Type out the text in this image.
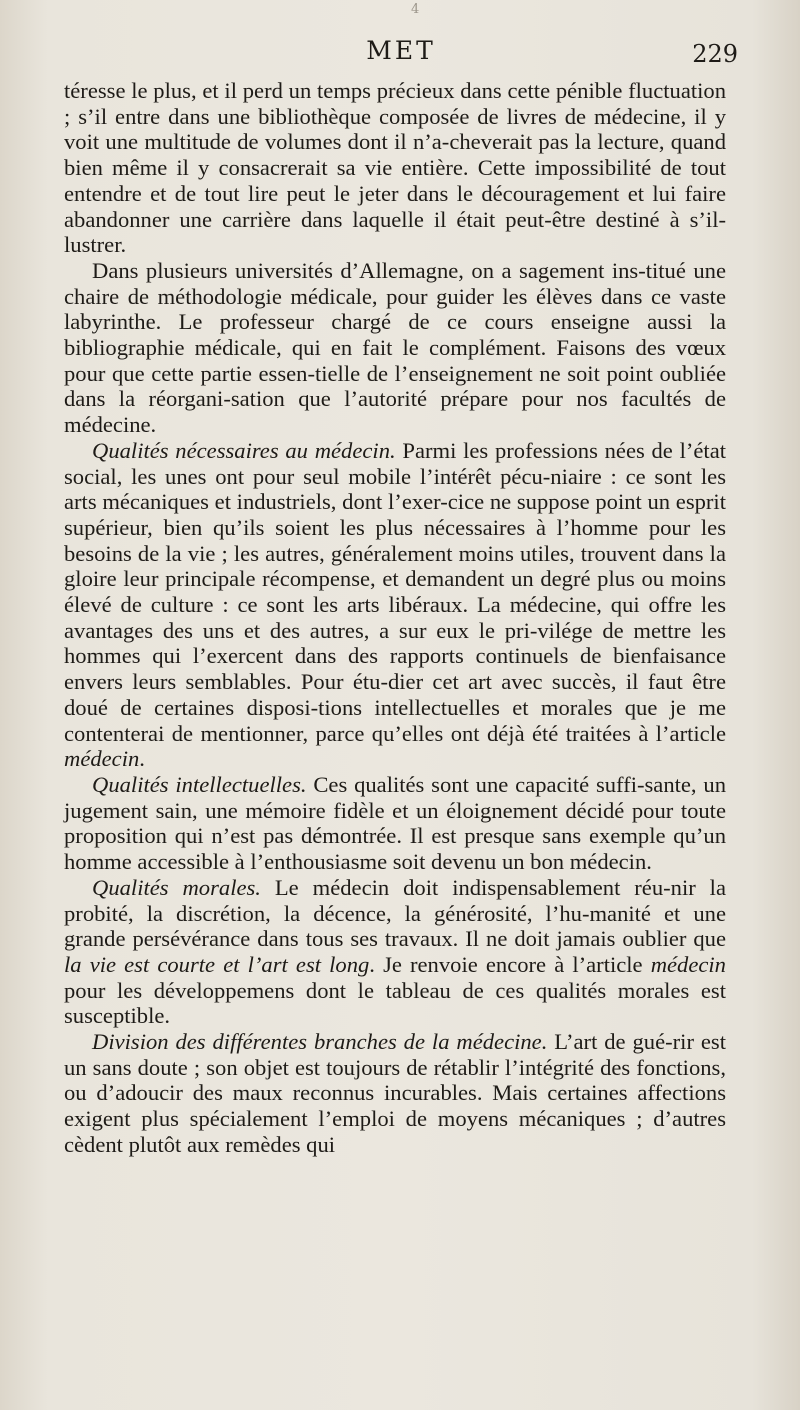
4
MET	229

téresse le plus, et il perd un temps précieux dans cette pénible fluctuation ; s’il entre dans une bibliothèque composée de livres de médecine, il y voit une multitude de volumes dont il n’a-cheverait pas la lecture, quand bien même il y consacrerait sa vie entière. Cette impossibilité de tout entendre et de tout lire peut le jeter dans le découragement et lui faire abandonner une carrière dans laquelle il était peut-être destiné à s’il-lustrer.

Dans plusieurs universités d’Allemagne, on a sagement ins-titué une chaire de méthodologie médicale, pour guider les élèves dans ce vaste labyrinthe. Le professeur chargé de ce cours enseigne aussi la bibliographie médicale, qui en fait le complément. Faisons des vœux pour que cette partie essen-tielle de l’enseignement ne soit point oubliée dans la réorgani-sation que l’autorité prépare pour nos facultés de médecine.

Qualités nécessaires au médecin. Parmi les professions nées de l’état social, les unes ont pour seul mobile l’intérêt pécu-niaire : ce sont les arts mécaniques et industriels, dont l’exer-cice ne suppose point un esprit supérieur, bien qu’ils soient les plus nécessaires à l’homme pour les besoins de la vie ; les autres, généralement moins utiles, trouvent dans la gloire leur principale récompense, et demandent un degré plus ou moins élevé de culture : ce sont les arts libéraux. La médecine, qui offre les avantages des uns et des autres, a sur eux le pri-vilége de mettre les hommes qui l’exercent dans des rapports continuels de bienfaisance envers leurs semblables. Pour étu-dier cet art avec succès, il faut être doué de certaines disposi-tions intellectuelles et morales que je me contenterai de mentionner, parce qu’elles ont déjà été traitées à l’article médecin.

Qualités intellectuelles. Ces qualités sont une capacité suffi-sante, un jugement sain, une mémoire fidèle et un éloignement décidé pour toute proposition qui n’est pas démontrée. Il est presque sans exemple qu’un homme accessible à l’enthousiasme soit devenu un bon médecin.

Qualités morales. Le médecin doit indispensablement réu-nir la probité, la discrétion, la décence, la générosité, l’hu-manité et une grande persévérance dans tous ses travaux. Il ne doit jamais oublier que la vie est courte et l’art est long. Je renvoie encore à l’article médecin pour les développemens dont le tableau de ces qualités morales est susceptible.

Division des différentes branches de la médecine. L’art de gué-rir est un sans doute ; son objet est toujours de rétablir l’intégrité des fonctions, ou d’adoucir des maux reconnus incurables. Mais certaines affections exigent plus spécialement l’emploi de moyens mécaniques ; d’autres cèdent plutôt aux remèdes qui
